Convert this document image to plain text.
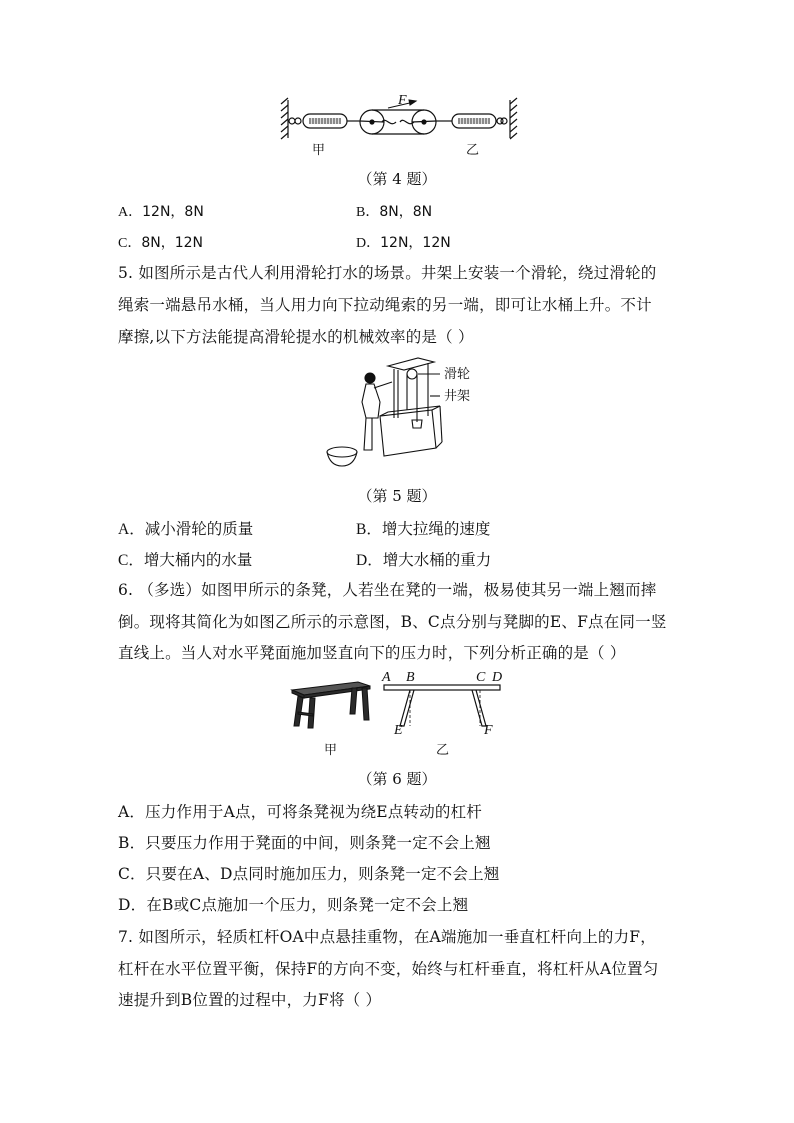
F
甲	乙
（第 4 题）
A．12N，8N	B．8N，8N
C．8N，12N	D．12N，12N
5. 如图所示是古代人利用滑轮打水的场景。井架上安装一个滑轮，绕过滑轮的
绳索一端悬吊水桶，当人用力向下拉动绳索的另一端，即可让水桶上升。不计
摩擦,以下方法能提高滑轮提水的机械效率的是（ ）
滑轮
井架
（第 5 题）
A．减小滑轮的质量	B．增大拉绳的速度
C．增大桶内的水量	D．增大水桶的重力
6. （多选）如图甲所示的条凳，人若坐在凳的一端，极易使其另一端上翘而摔
倒。现将其简化为如图乙所示的示意图，B、C点分别与凳脚的E、F点在同一竖
直线上。当人对水平凳面施加竖直向下的压力时，下列分析正确的是（ ）
A B	C D
E	F
甲	乙
（第 6 题）
A．压力作用于A点，可将条凳视为绕E点转动的杠杆
B．只要压力作用于凳面的中间，则条凳一定不会上翘
C．只要在A、D点同时施加压力，则条凳一定不会上翘
D．在B或C点施加一个压力，则条凳一定不会上翘
7. 如图所示，轻质杠杆OA中点悬挂重物，在A端施加一垂直杠杆向上的力F，
杠杆在水平位置平衡，保持F的方向不变，始终与杠杆垂直，将杠杆从A位置匀
速提升到B位置的过程中，力F将（ ）
